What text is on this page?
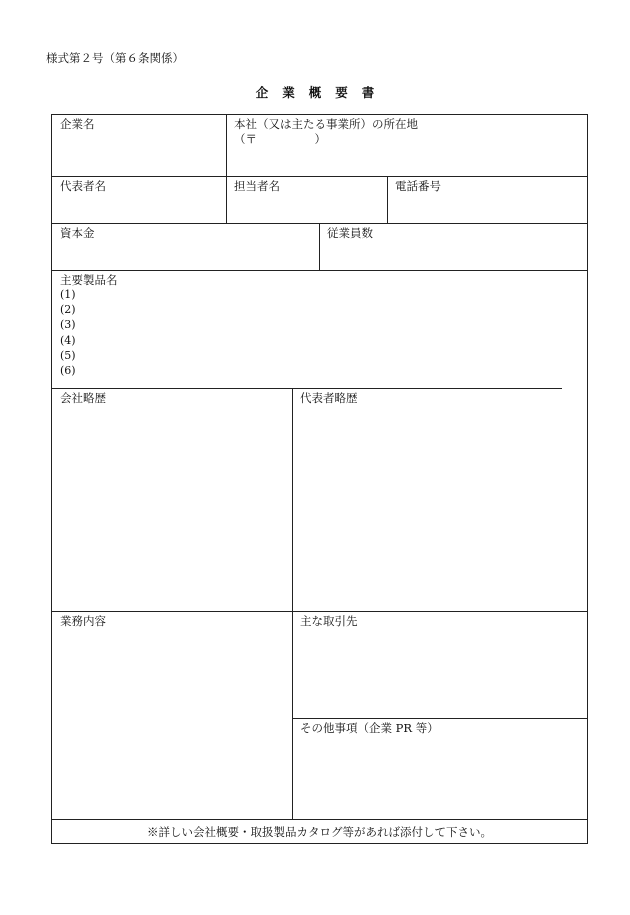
様式第２号（第６条関係）
企業概要書
企業名	本社（又は主たる事業所）の所在地
（〒　　　　　）
代表者名	担当者名	電話番号
資本金	従業員数
主要製品名
(1)
(2)
(3)
(4)
(5)
(6)
会社略歴	代表者略歴
業務内容	主な取引先
その他事項（企業 PR 等）
※詳しい会社概要・取扱製品カタログ等があれば添付して下さい。
